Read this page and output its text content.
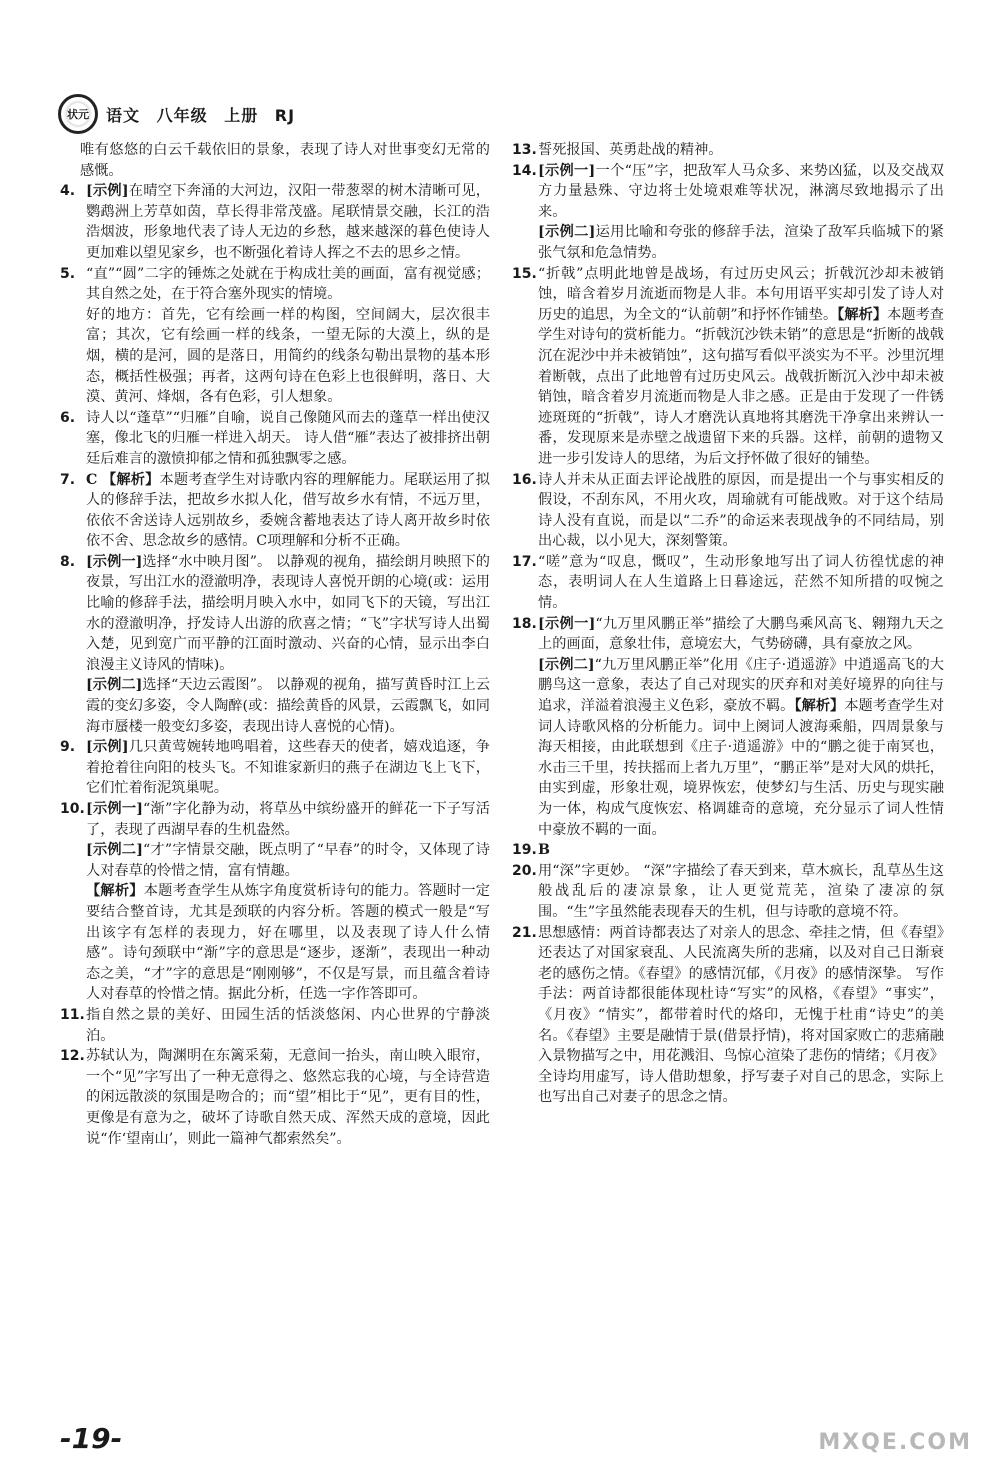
状元 语文 八年级 上册 RJ
唯有悠悠的白云千载依旧的景象，表现了诗人对世事变幻无常的感慨。
4. [示例]在晴空下奔涌的大河边，汉阳一带葱翠的树木清晰可见，鹦鹉洲上芳草如茵，草长得非常茂盛。尾联情景交融，长江的浩浩烟波，形象地代表了诗人无边的乡愁，越来越深的暮色使诗人更加难以望见家乡，也不断强化着诗人挥之不去的思乡之情。
5. “直”“圆”二字的锤炼之处就在于构成壮美的画面，富有视觉感；其自然之处，在于符合塞外现实的情境。

好的地方：首先，它有绘画一样的构图，空间阔大，层次很丰富；其次，它有绘画一样的线条，一望无际的大漠上，纵的是烟，横的是河，圆的是落日，用简约的线条勾勒出景物的基本形态，概括性极强；再者，这两句诗在色彩上也很鲜明，落日、大漠、黄河、烽烟，各有色彩，引人想象。

6. 诗人以“蓬草”“归雁”自喻，说自己像随风而去的蓬草一样出使汉塞，像北飞的归雁一样进入胡天。 诗人借“雁”表达了被排挤出朝廷后难言的激愤抑郁之情和孤独飘零之感。
7. C 【解析】本题考查学生对诗歌内容的理解能力。尾联运用了拟人的修辞手法，把故乡水拟人化，借写故乡水有情，不远万里，依依不舍送诗人远别故乡，委婉含蓄地表达了诗人离开故乡时依依不舍、思念故乡的感情。C项理解和分析不正确。
8. [示例一]选择“水中映月图”。 以静观的视角，描绘朗月映照下的夜景，写出江水的澄澈明净，表现诗人喜悦开朗的心境(或：运用比喻的修辞手法，描绘明月映入水中，如同飞下的天镜，写出江水的澄澈明净，抒发诗人出游的欣喜之情；“飞”字状写诗人出蜀入楚，见到宽广而平静的江面时激动、兴奋的心情，显示出李白浪漫主义诗风的情味)。

[示例二]选择“天边云霞图”。 以静观的视角，描写黄昏时江上云霞的变幻多姿，令人陶醉(或：描绘黄昏的风景，云霞飘飞，如同海市蜃楼一般变幻多姿，表现出诗人喜悦的心情)。

9. [示例]几只黄莺婉转地鸣唱着，这些春天的使者，嬉戏追逐，争着抢着往向阳的枝头飞。不知谁家新归的燕子在湖边飞上飞下，它们忙着衔泥筑巢呢。
10. [示例一]“渐”字化静为动，将草丛中缤纷盛开的鲜花一下子写活了，表现了西湖早春的生机盎然。

[示例二]“才”字情景交融，既点明了“早春”的时令，又体现了诗人对春草的怜惜之情，富有情趣。

【解析】本题考查学生从炼字角度赏析诗句的能力。答题时一定要结合整首诗，尤其是颈联的内容分析。答题的模式一般是“写出该字有怎样的表现力，好在哪里，以及表现了诗人什么情感”。诗句颈联中“渐”字的意思是“逐步，逐渐”，表现出一种动态之美，“才”字的意思是“刚刚够”，不仅是写景，而且蕴含着诗人对春草的怜惜之情。据此分析，任选一字作答即可。

11. 指自然之景的美好、田园生活的恬淡悠闲、内心世界的宁静淡泊。
12. 苏轼认为，陶渊明在东篱采菊，无意间一抬头，南山映入眼帘，一个“见”字写出了一种无意得之、悠然忘我的心境，与全诗营造的闲远散淡的氛围是吻合的；而“望”相比于“见”，更有目的性，更像是有意为之，破坏了诗歌自然天成、浑然天成的意境，因此说“作‘望南山’，则此一篇神气都索然矣”。
13. 誓死报国、英勇赴战的精神。
14. [示例一]一个“压”字，把敌军人马众多、来势凶猛，以及交战双方力量悬殊、守边将士处境艰难等状况，淋漓尽致地揭示了出来。

[示例二]运用比喻和夸张的修辞手法，渲染了敌军兵临城下的紧张气氛和危急情势。

15. “折戟”点明此地曾是战场，有过历史风云；折戟沉沙却未被销蚀，暗含着岁月流逝而物是人非。本句用语平实却引发了诗人对历史的追思，为全文的“认前朝”和抒怀作铺垫。【解析】本题考查学生对诗句的赏析能力。“折戟沉沙铁未销”的意思是“折断的战戟沉在泥沙中并未被销蚀”，这句描写看似平淡实为不平。沙里沉埋着断戟，点出了此地曾有过历史风云。战戟折断沉入沙中却未被销蚀，暗含着岁月流逝而物是人非之感。正是由于发现了一件锈迹斑斑的“折戟”，诗人才磨洗认真地将其磨洗干净拿出来辨认一番，发现原来是赤壁之战遗留下来的兵器。这样，前朝的遗物又进一步引发诗人的思绪，为后文抒怀做了很好的铺垫。
16. 诗人并未从正面去评论战胜的原因，而是提出一个与事实相反的假设，不刮东风，不用火攻，周瑜就有可能战败。对于这个结局诗人没有直说，而是以“二乔”的命运来表现战争的不同结局，别出心裁，以小见大，深刻警策。
17. “嗟”意为“叹息，慨叹”，生动形象地写出了词人彷徨忧虑的神态，表明词人在人生道路上日暮途远，茫然不知所措的叹惋之情。
18. [示例一]“九万里风鹏正举”描绘了大鹏鸟乘风高飞、翱翔九天之上的画面，意象壮伟，意境宏大，气势磅礴，具有豪放之风。

[示例二]“九万里风鹏正举”化用《庄子·逍遥游》中逍遥高飞的大鹏鸟这一意象，表达了自己对现实的厌弃和对美好境界的向往与追求，洋溢着浪漫主义色彩，豪放不羁。【解析】本题考查学生对词人诗歌风格的分析能力。词中上阕词人渡海乘船，四周景象与海天相接，由此联想到《庄子·逍遥游》中的“鹏之徙于南冥也，水击三千里，抟扶摇而上者九万里”，“鹏正举”是对大风的烘托，由实到虚，形象壮观，境界恢宏，使梦幻与生活、历史与现实融为一体，构成气度恢宏、格调雄奇的意境，充分显示了词人性情中豪放不羁的一面。

19. B
20. 用“深”字更妙。 “深”字描绘了春天到来，草木疯长，乱草丛生这般战乱后的凄凉景象，让人更觉荒芜，渲染了凄凉的氛围。“生”字虽然能表现春天的生机，但与诗歌的意境不符。
21. 思想感情：两首诗都表达了对亲人的思念、牵挂之情，但《春望》还表达了对国家衰乱、人民流离失所的悲痛，以及对自己日渐衰老的感伤之情。《春望》的感情沉郁，《月夜》的感情深挚。 写作手法：两首诗都很能体现杜诗“写实”的风格，《春望》“事实”，《月夜》“情实”，都带着时代的烙印，无愧于杜甫“诗史”的美名。《春望》主要是融情于景(借景抒情)，将对国家败亡的悲痛融入景物描写之中，用花溅泪、鸟惊心渲染了悲伤的情绪；《月夜》全诗均用虚写，诗人借助想象，抒写妻子对自己的思念，实际上也写出自己对妻子的思念之情。
-19-	MXQE.COM
